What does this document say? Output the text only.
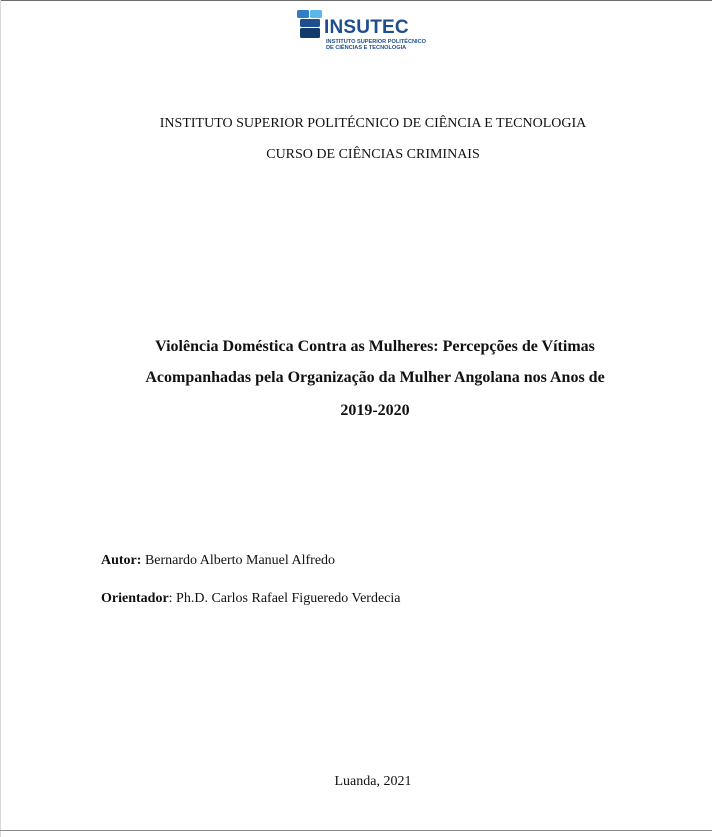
INSUTEC
INSTITUTO SUPERIOR POLITÉCNICO
DE CIÊNCIAS E TECNOLOGIA
INSTITUTO SUPERIOR POLITÉCNICO DE CIÊNCIA E TECNOLOGIA
CURSO DE CIÊNCIAS CRIMINAIS
Violência Doméstica Contra as Mulheres: Percepções de Vítimas
Acompanhadas pela Organização da Mulher Angolana nos Anos de
2019-2020
Autor: Bernardo Alberto Manuel Alfredo
Orientador: Ph.D. Carlos Rafael Figueredo Verdecia
Luanda, 2021
